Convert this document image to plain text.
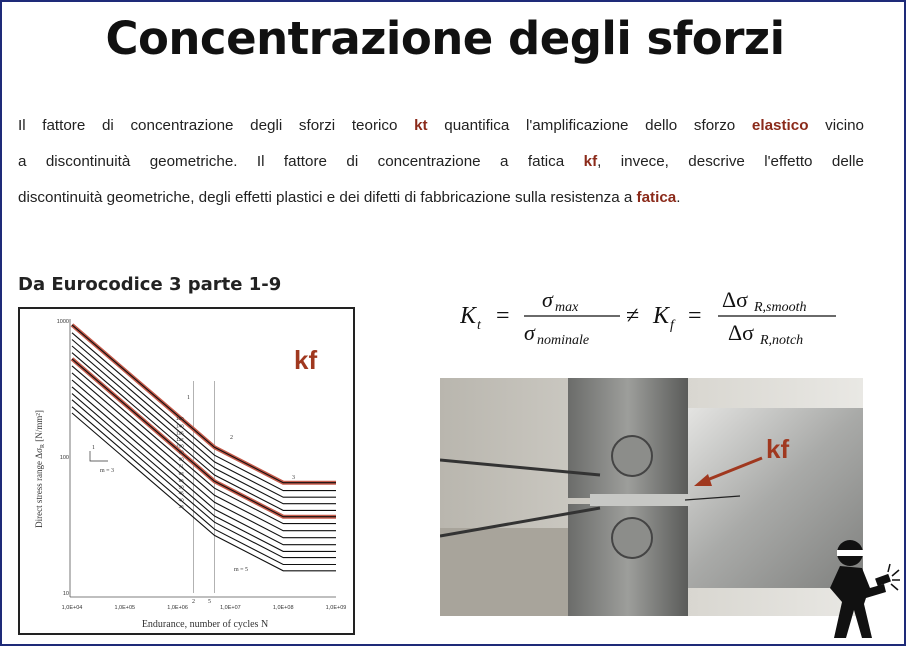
Concentrazione degli sforzi
Il fattore di concentrazione degli sforzi teorico kt quantifica l'amplificazione dello sforzo elastico vicino
a discontinuità geometriche. Il fattore di concentrazione a fatica kf, invece, descrive l'effetto delle
discontinuità geometriche, degli effetti plastici e dei difetti di fabbricazione sulla resistenza a fatica.
Da Eurocodice 3 parte 1-9
160
140
125
112
100
90
80
71
63
56
50
45
40
36
1,0E+04	1,0E+05	1,0E+06	1,0E+07	1,0E+08	1,0E+09
1000
100
10
m = 3
1
m = 5
1
2
3
2 5
kf
Endurance, number of cycles N
Direct stress range $\Delta\sigma_R$ [N/mm²]
K t =
σ max
σ nominale
≠ K f =
Δσ R,smooth
Δσ R,notch
kf
